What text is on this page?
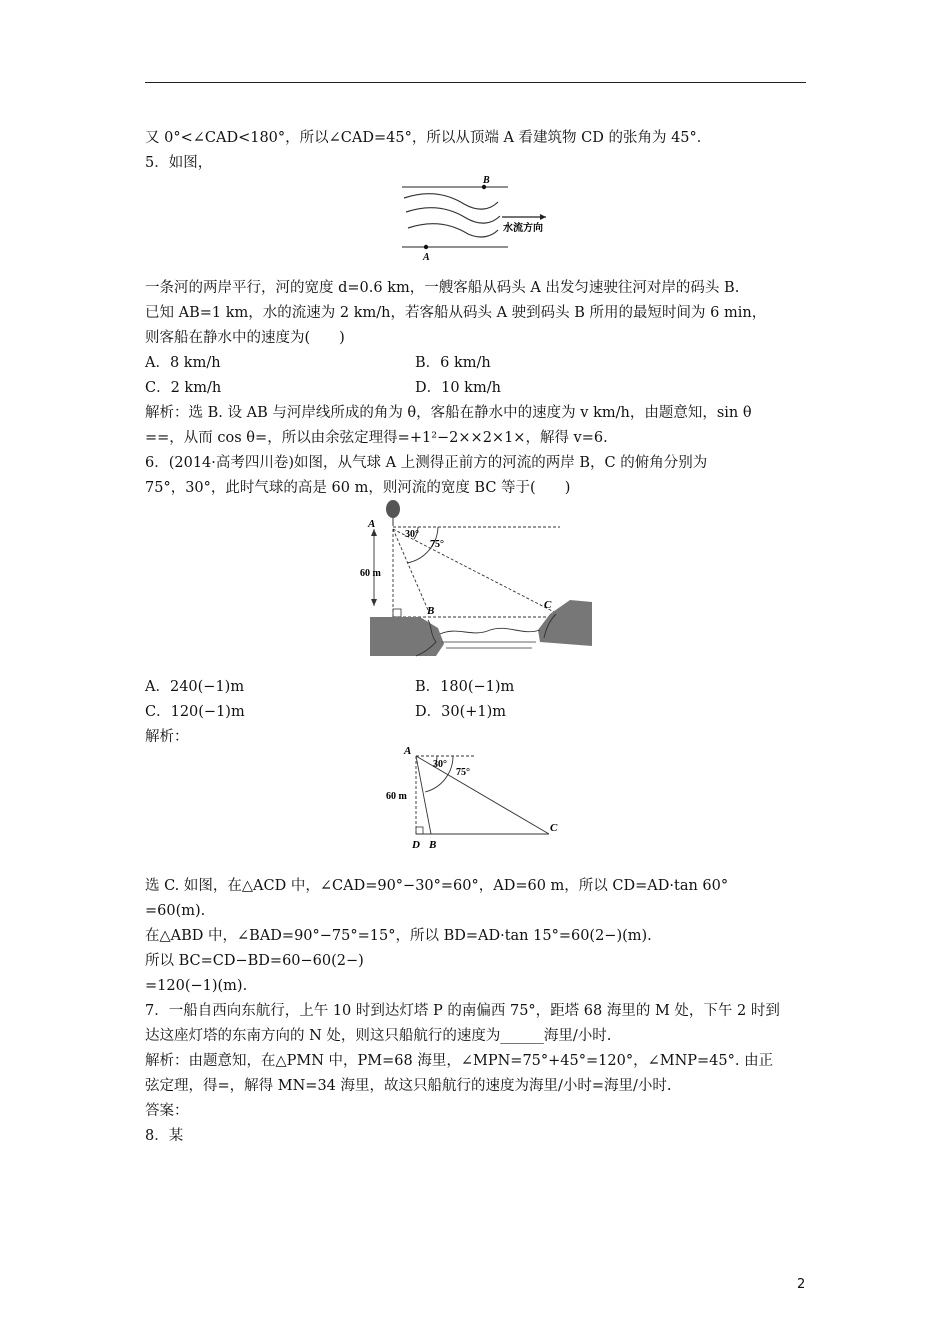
又 0°<∠CAD<180°，所以∠CAD=45°，所以从顶端 A 看建筑物 CD 的张角为 45°．
5．如图，
B
A
水流方向
一条河的两岸平行，河的宽度 d=0.6 km，一艘客船从码头 A 出发匀速驶往河对岸的码头 B.
已知 AB=1 km，水的流速为 2 km/h，若客船从码头 A 驶到码头 B 所用的最短时间为 6 min，
则客船在静水中的速度为(　　)
A．8 km/h	B．6 km/h
C．2 km/h	D．10 km/h
解析：选 B. 设 AB 与河岸线所成的角为 θ，客船在静水中的速度为 v km/h，由题意知，sin θ
==，从而 cos θ=，所以由余弦定理得=+1²−2××2×1×，解得 v=6.
6．(2014·高考四川卷)如图，从气球 A 上测得正前方的河流的两岸 B，C 的俯角分别为
75°，30°，此时气球的高是 60 m，则河流的宽度 BC 等于(　　)
A
B	C
30°
75°
60 m
A．240(−1)m	B．180(−1)m
C．120(−1)m	D．30(+1)m
解析：
A
B
C
D
30°
75°
60 m
选 C. 如图，在△ACD 中，∠CAD=90°−30°=60°，AD=60 m，所以 CD=AD·tan 60°
=60(m).
在△ABD 中，∠BAD=90°−75°=15°，所以 BD=AD·tan 15°=60(2−)(m).
所以 BC=CD−BD=60−60(2−)
=120(−1)(m).
7．一船自西向东航行，上午 10 时到达灯塔 P 的南偏西 75°，距塔 68 海里的 M 处，下午 2 时到
达这座灯塔的东南方向的 N 处，则这只船航行的速度为______海里/小时.
解析：由题意知，在△PMN 中，PM=68 海里，∠MPN=75°+45°=120°，∠MNP=45°. 由正
弦定理，得=，解得 MN=34 海里，故这只船航行的速度为海里/小时=海里/小时.
答案：
8．某
2
